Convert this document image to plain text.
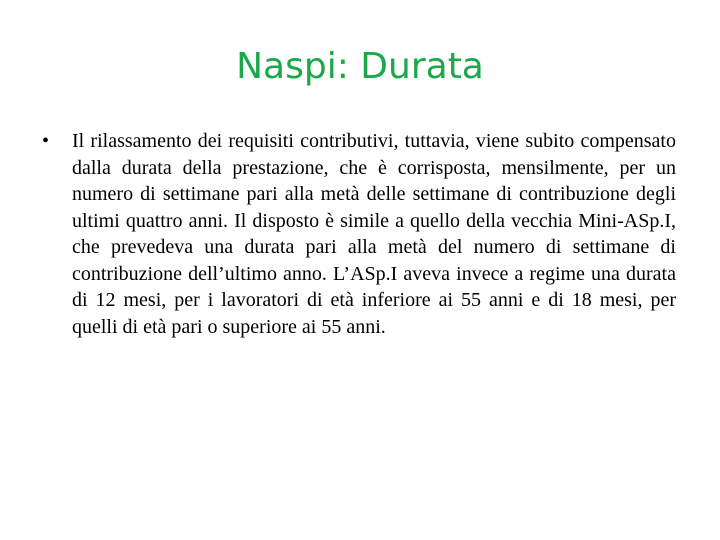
Naspi: Durata
• Il rilassamento dei requisiti contributivi, tuttavia, viene subito compensato dalla durata della prestazione, che è corrisposta, mensilmente, per un numero di settimane pari alla metà delle settimane di contribuzione degli ultimi quattro anni. Il disposto è simile a quello della vecchia Mini-ASp.I, che prevedeva una durata pari alla metà del numero di settimane di contribuzione dell’ultimo anno. L’ASp.I aveva invece a regime una durata di 12 mesi, per i lavoratori di età inferiore ai 55 anni e di 18 mesi, per quelli di età pari o superiore ai 55 anni.
